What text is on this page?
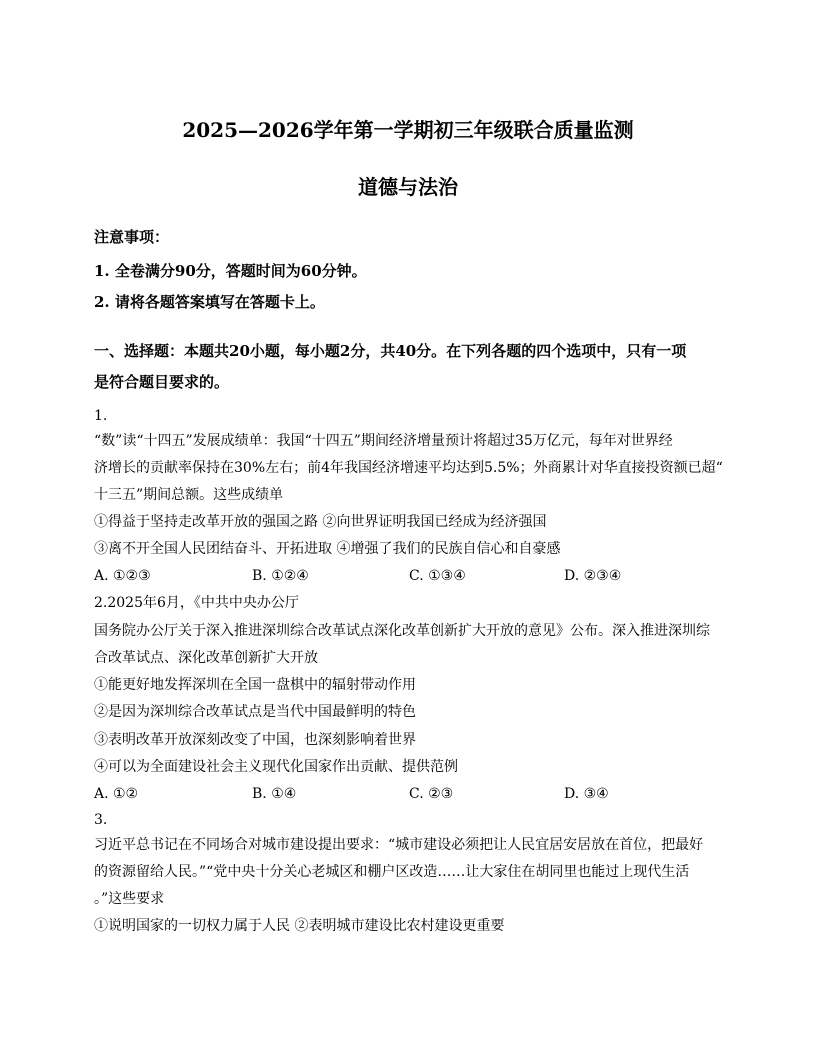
2025—2026学年第一学期初三年级联合质量监测
道德与法治
注意事项：
1. 全卷满分90分，答题时间为60分钟。
2. 请将各题答案填写在答题卡上。
一、选择题：本题共20小题，每小题2分，共40分。在下列各题的四个选项中，只有一项
是符合题目要求的。
1.
“数”读“十四五”发展成绩单：我国“十四五”期间经济增量预计将超过35万亿元，每年对世界经
济增长的贡献率保持在30%左右；前4年我国经济增速平均达到5.5%；外商累计对华直接投资额已超“
十三五”期间总额。这些成绩单
①得益于坚持走改革开放的强国之路 ②向世界证明我国已经成为经济强国
③离不开全国人民团结奋斗、开拓进取 ④增强了我们的民族自信心和自豪感
A. ①②③	B. ①②④	C. ①③④	D. ②③④
2.2025年6月，《中共中央办公厅
国务院办公厅关于深入推进深圳综合改革试点深化改革创新扩大开放的意见》公布。深入推进深圳综
合改革试点、深化改革创新扩大开放
①能更好地发挥深圳在全国一盘棋中的辐射带动作用
②是因为深圳综合改革试点是当代中国最鲜明的特色
③表明改革开放深刻改变了中国，也深刻影响着世界
④可以为全面建设社会主义现代化国家作出贡献、提供范例
A. ①②	B. ①④	C. ②③	D. ③④
3.
习近平总书记在不同场合对城市建设提出要求：“城市建设必须把让人民宜居安居放在首位，把最好
的资源留给人民。”“党中央十分关心老城区和棚户区改造……让大家住在胡同里也能过上现代生活
。”这些要求
①说明国家的一切权力属于人民 ②表明城市建设比农村建设更重要
